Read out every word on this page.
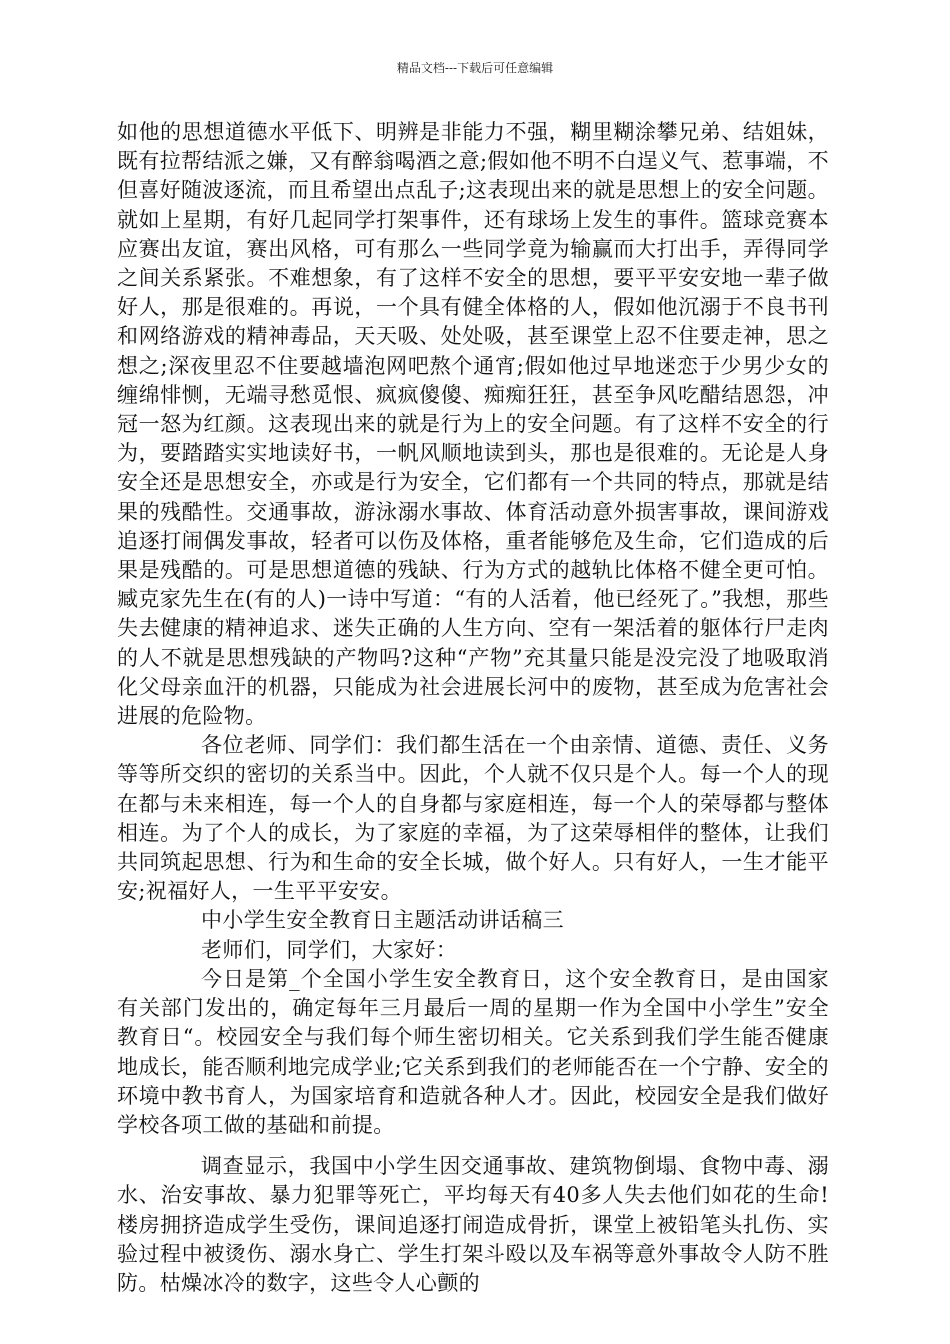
精品文档---下载后可任意编辑

如他的思想道德水平低下、明辨是非能力不强，糊里糊涂攀兄弟、结姐妹，既有拉帮结派之嫌，又有醉翁喝酒之意;假如他不明不白逞义气、惹事端，不但喜好随波逐流，而且希望出点乱子;这表现出来的就是思想上的安全问题。就如上星期，有好几起同学打架事件，还有球场上发生的事件。篮球竞赛本应赛出友谊，赛出风格，可有那么一些同学竟为输赢而大打出手，弄得同学之间关系紧张。不难想象，有了这样不安全的思想，要平平安安地一辈子做好人，那是很难的。再说，一个具有健全体格的人，假如他沉溺于不良书刊和网络游戏的精神毒品，天天吸、处处吸，甚至课堂上忍不住要走神，思之想之;深夜里忍不住要越墙泡网吧熬个通宵;假如他过早地迷恋于少男少女的缠绵悱恻，无端寻愁觅恨、疯疯傻傻、痴痴狂狂，甚至争风吃醋结恩怨，冲冠一怒为红颜。这表现出来的就是行为上的安全问题。有了这样不安全的行为，要踏踏实实地读好书，一帆风顺地读到头，那也是很难的。无论是人身安全还是思想安全，亦或是行为安全，它们都有一个共同的特点，那就是结果的残酷性。交通事故，游泳溺水事故、体育活动意外损害事故，课间游戏追逐打闹偶发事故，轻者可以伤及体格，重者能够危及生命，它们造成的后果是残酷的。可是思想道德的残缺、行为方式的越轨比体格不健全更可怕。臧克家先生在(有的人)一诗中写道：“有的人活着，他已经死了。”我想，那些失去健康的精神追求、迷失正确的人生方向、空有一架活着的躯体行尸走肉的人不就是思想残缺的产物吗?这种“产物”充其量只能是没完没了地吸取消化父母亲血汗的机器，只能成为社会进展长河中的废物，甚至成为危害社会进展的危险物。

各位老师、同学们：我们都生活在一个由亲情、道德、责任、义务等等所交织的密切的关系当中。因此，个人就不仅只是个人。每一个人的现在都与未来相连，每一个人的自身都与家庭相连，每一个人的荣辱都与整体相连。为了个人的成长，为了家庭的幸福，为了这荣辱相伴的整体，让我们共同筑起思想、行为和生命的安全长城，做个好人。只有好人，一生才能平安;祝福好人，一生平平安安。

中小学生安全教育日主题活动讲话稿三

老师们，同学们，大家好：

今日是第_个全国小学生安全教育日，这个安全教育日，是由国家有关部门发出的，确定每年三月最后一周的星期一作为全国中小学生”安全教育日“。校园安全与我们每个师生密切相关。它关系到我们学生能否健康地成长，能否顺利地完成学业;它关系到我们的老师能否在一个宁静、安全的环境中教书育人，为国家培育和造就各种人才。因此，校园安全是我们做好学校各项工做的基础和前提。

调查显示，我国中小学生因交通事故、建筑物倒塌、食物中毒、溺水、治安事故、暴力犯罪等死亡，平均每天有40多人失去他们如花的生命!楼房拥挤造成学生受伤，课间追逐打闹造成骨折，课堂上被铅笔头扎伤、实验过程中被烫伤、溺水身亡、学生打架斗殴以及车祸等意外事故令人防不胜防。枯燥冰冷的数字，这些令人心颤的
